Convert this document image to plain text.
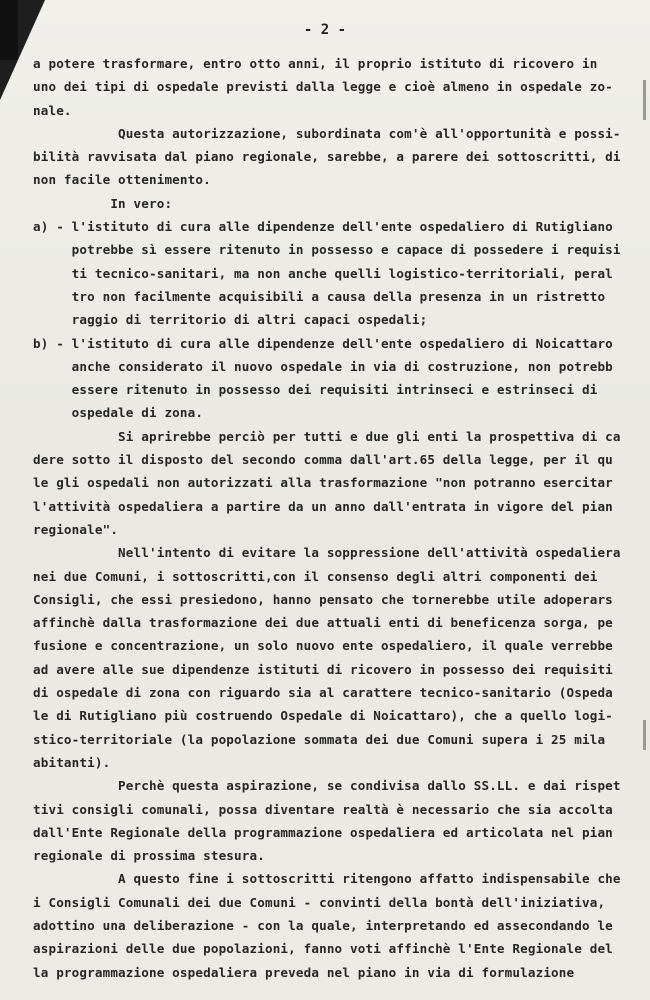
- 2 -
a potere trasformare, entro otto anni, il proprio istituto di ricovero in
uno dei tipi di ospedale previsti dalla legge e cioè almeno in ospedale zo-
nale.
Questa autorizzazione, subordinata com'è all'opportunità e possi-
bilità ravvisata dal piano regionale, sarebbe, a parere dei sottoscritti, di
non facile ottenimento.
In vero:
a) - l'istituto di cura alle dipendenze dell'ente ospedaliero di Rutigliano
potrebbe sì essere ritenuto in possesso e capace di possedere i requisi
ti tecnico-sanitari, ma non anche quelli logistico-territoriali, peral
tro non facilmente acquisibili a causa della presenza in un ristretto
raggio di territorio di altri capaci ospedali;
b) - l'istituto di cura alle dipendenze dell'ente ospedaliero di Noicattaro
anche considerato il nuovo ospedale in via di costruzione, non potrebb
essere ritenuto in possesso dei requisiti intrinseci e estrinseci di
ospedale di zona.
Si aprirebbe perciò per tutti e due gli enti la prospettiva di ca
dere sotto il disposto del secondo comma dall'art.65 della legge, per il qu
le gli ospedali non autorizzati alla trasformazione "non potranno esercitar
l'attività ospedaliera a partire da un anno dall'entrata in vigore del pian
regionale".
Nell'intento di evitare la soppressione dell'attività ospedaliera
nei due Comuni, i sottoscritti,con il consenso degli altri componenti dei
Consigli, che essi presiedono, hanno pensato che tornerebbe utile adoperars
affinchè dalla trasformazione dei due attuali enti di beneficenza sorga, pe
fusione e concentrazione, un solo nuovo ente ospedaliero, il quale verrebbe
ad avere alle sue dipendenze istituti di ricovero in possesso dei requisiti
di ospedale di zona con riguardo sia al carattere tecnico-sanitario (Ospeda
le di Rutigliano più costruendo Ospedale di Noicattaro), che a quello logi-
stico-territoriale (la popolazione sommata dei due Comuni supera i 25 mila
abitanti).
Perchè questa aspirazione, se condivisa dallo SS.LL. e dai rispet
tivi consigli comunali, possa diventare realtà è necessario che sia accolta
dall'Ente Regionale della programmazione ospedaliera ed articolata nel pian
regionale di prossima stesura.
A questo fine i sottoscritti ritengono affatto indispensabile che
i Consigli Comunali dei due Comuni - convinti della bontà dell'iniziativa,
adottino una deliberazione - con la quale, interpretando ed assecondando le
aspirazioni delle due popolazioni, fanno voti affinchè l'Ente Regionale del
la programmazione ospedaliera preveda nel piano in via di formulazione
